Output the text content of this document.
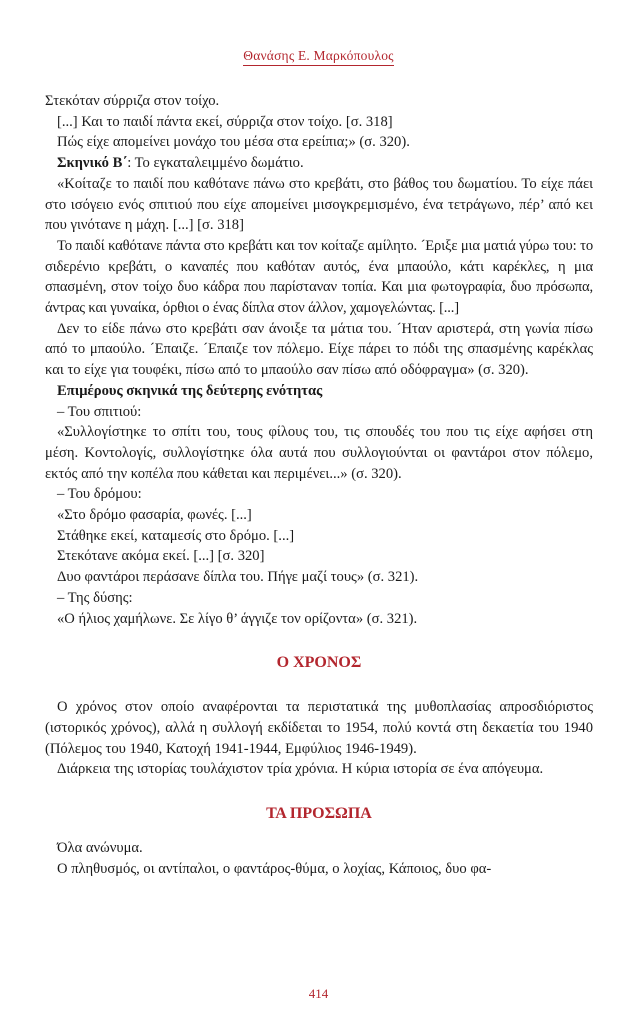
Θανάσης Ε. Μαρκόπουλος

Στεκόταν σύρριζα στον τοίχο.

[...] Και το παιδί πάντα εκεί, σύρριζα στον τοίχο. [σ. 318]

Πώς είχε απομείνει μονάχο του μέσα στα ερείπια;» (σ. 320).

Σκηνικό Β΄: Το εγκαταλειμμένο δωμάτιο.

«Κοίταζε το παιδί που καθότανε πάνω στο κρεβάτι, στο βάθος του δωματίου. Το είχε πάει στο ισόγειο ενός σπιτιού που είχε απομείνει μισογκρεμισμένο, ένα τετράγωνο, πέρ’ από κει που γινότανε η μάχη. [...] [σ. 318]

Το παιδί καθότανε πάντα στο κρεβάτι και τον κοίταζε αμίλητο. ´Εριξε μια ματιά γύρω του: το σιδερένιο κρεβάτι, ο καναπές που καθόταν αυτός, ένα μπαούλο, κάτι καρέκλες, η μια σπασμένη, στον τοίχο δυο κάδρα που παρίσταναν τοπία. Και μια φωτογραφία, δυο πρόσωπα, άντρας και γυναίκα, όρθιοι ο ένας δίπλα στον άλλον, χαμογελώντας. [...]

Δεν το είδε πάνω στο κρεβάτι σαν άνοιξε τα μάτια του. ´Ηταν αριστερά, στη γωνία πίσω από το μπαούλο. ´Επαιζε. ´Επαιζε τον πόλεμο. Είχε πάρει το πόδι της σπασμένης καρέκλας και το είχε για τουφέκι, πίσω από το μπαούλο σαν πίσω από οδόφραγμα» (σ. 320).

Επιμέρους σκηνικά της δεύτερης ενότητας

– Του σπιτιού:

«Συλλογίστηκε το σπίτι του, τους φίλους του, τις σπουδές του που τις είχε αφήσει στη μέση. Κοντολογίς, συλλογίστηκε όλα αυτά που συλλογιούνται οι φαντάροι στον πόλεμο, εκτός από την κοπέλα που κάθεται και περιμένει...» (σ. 320).

– Του δρόμου:

«Στο δρόμο φασαρία, φωνές. [...]

Στάθηκε εκεί, καταμεσίς στο δρόμο. [...]

Στεκότανε ακόμα εκεί. [...] [σ. 320]

Δυο φαντάροι περάσανε δίπλα του. Πήγε μαζί τους» (σ. 321).

– Της δύσης:

«Ο ήλιος χαμήλωνε. Σε λίγο θ’ άγγιζε τον ορίζοντα» (σ. 321).

Ο ΧΡΟΝΟΣ

Ο χρόνος στον οποίο αναφέρονται τα περιστατικά της μυθοπλασίας απροσδιόριστος (ιστορικός χρόνος), αλλά η συλλογή εκδίδεται το 1954, πολύ κοντά στη δεκαετία του 1940 (Πόλεμος του 1940, Κατοχή 1941-1944, Εμφύλιος 1946-1949).

Διάρκεια της ιστορίας τουλάχιστον τρία χρόνια. Η κύρια ιστορία σε ένα απόγευμα.

ΤΑ ΠΡΟΣΩΠΑ

Όλα ανώνυμα.

Ο πληθυσμός, οι αντίπαλοι, ο φαντάρος-θύμα, ο λοχίας, Κάποιος, δυο φα-

414
